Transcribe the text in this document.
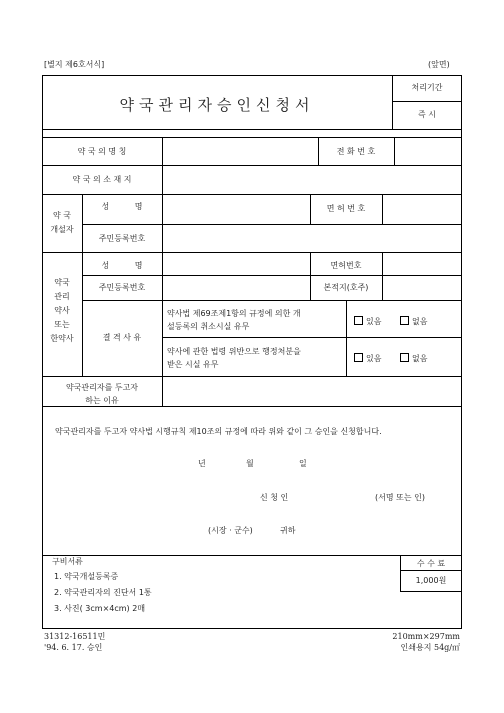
[별지 제6호서식]	(앞면)
약국관리자승인신청서
처리기간
즉 시
약 국 의 명 칭	전 화 번 호
약 국 의 소 재 지
약 국
개설자
성          명	면 허 번 호
주민등록번호
약국
관리
약사
또는
한약사
성          명	면허번호
주민등록번호	본적지(호주)
결 격 사 유
약사법 제69조제1항의 규정에 의한 개
설등록의 취소시실 유무
있음	없음
약사에 관한 법령 위반으로 행정처분을
받은 시실 유무
있음	없음
약국관리자를 두고자
하는 이유
약국관리자를 두고자 약사법 시행규칙 제10조의 규정에 따라 위와 같이 그 승인을 신청합니다.
년	월	일
신 청 인	(서명 또는 인)
(시장 · 군수)	귀하
구비서류
1. 약국개설등록증
2. 약국관리자의 진단서 1통
3. 사진( 3cm×4cm) 2매
수 수 료
1,000원
31312-16511민
'94. 6. 17. 승인
210mm×297mm
인쇄용지 54g/㎡
